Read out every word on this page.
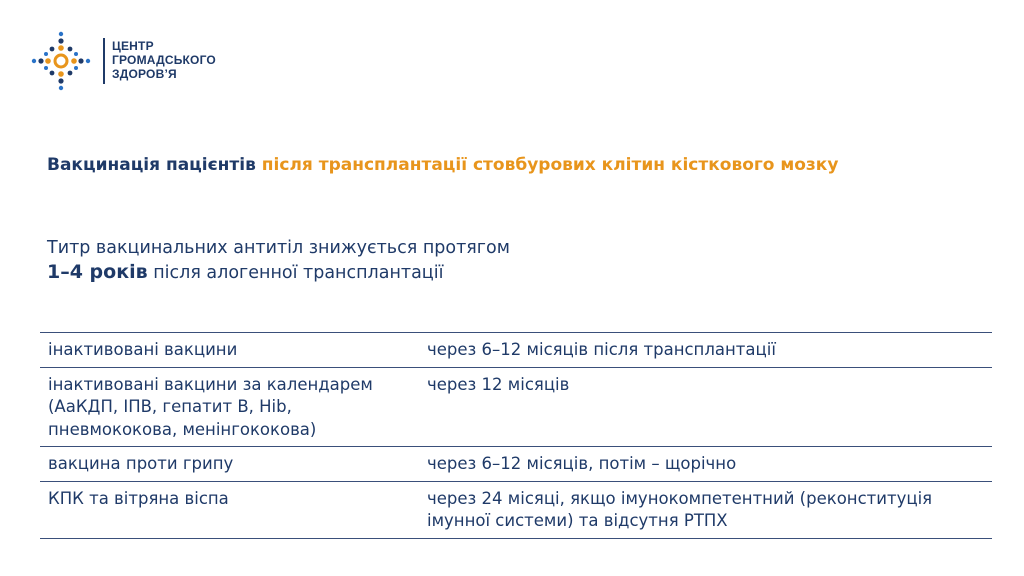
ЦЕНТР
ГРОМАДСЬКОГО
ЗДОРОВ’Я
Вакцинація пацієнтів після трансплантації стовбурових клітин кісткового мозку
Титр вакцинальних антитіл знижується протягом
1–4 років після алогенної трансплантації
інактивовані вакцини	через 6–12 місяців після трансплантації
інактивовані вакцини за календарем (АаКДП, ІПВ, гепатит B, Hib, пневмококова, менінгококова)	через 12 місяців
вакцина проти грипу	через 6–12 місяців, потім – щорічно
КПК та вітряна віспа	через 24 місяці, якщо імунокомпетентний (реконституція імунної системи) та відсутня РТПХ
